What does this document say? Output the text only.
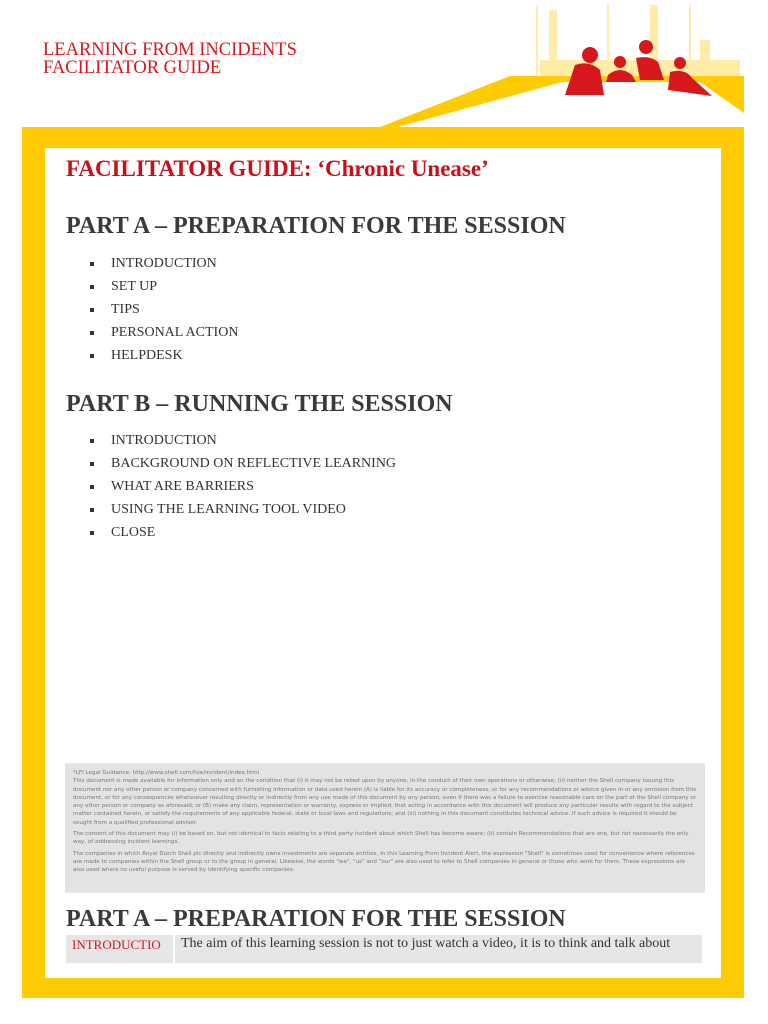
LEARNING FROM INCIDENTS
FACILITATOR GUIDE
FACILITATOR GUIDE: ‘Chronic Unease’
PART A – PREPARATION FOR THE SESSION
INTRODUCTION
SET UP
TIPS
PERSONAL ACTION
HELPDESK
PART B – RUNNING THE SESSION
INTRODUCTION
BACKGROUND ON REFLECTIVE LEARNING
WHAT ARE BARRIERS
USING THE LEARNING TOOL VIDEO
CLOSE
*LFI Legal Guidance- http://www.shell.com/hse/incident/index.html

This document is made available for information only and on the condition that (i) it may not be relied upon by anyone, in the conduct of their own operations or otherwise; (ii) neither the Shell company issuing this document nor any other person or company concerned with furnishing information or data used herein (A) is liable for its accuracy or completeness, or for any recommendations or advice given in or any omission from this document, or for any consequences whatsoever resulting directly or indirectly from any use made of this document by any person, even if there was a failure to exercise reasonable care on the part of the Shell company or any other person or company as aforesaid; or (B) make any claim, representation or warranty, express or implied, that acting in accordance with this document will produce any particular results with regard to the subject matter contained herein, or satisfy the requirements of any applicable federal, state or local laws and regulations; and (iii) nothing in this document constitutes technical advice. If such advice is required it should be sought from a qualified professional adviser.

The content of this document may (i) be based on, but not identical to facts relating to a third party incident about which Shell has become aware; (ii) contain Recommendations that are one, but not necessarily the only way, of addressing incident learnings.

The companies in which Royal Dutch Shell plc directly and indirectly owns investments are separate entities. In this Learning From Incident Alert, the expression "Shell" is sometimes used for convenience where references are made to companies within the Shell group or to the group in general. Likewise, the words "we", "us" and "our" are also used to refer to Shell companies in general or those who work for them. These expressions are also used where no useful purpose is served by identifying specific companies.

PART A – PREPARATION FOR THE SESSION
INTRODUCTIO	The aim of this learning session is not to just watch a video, it is to think and talk about
